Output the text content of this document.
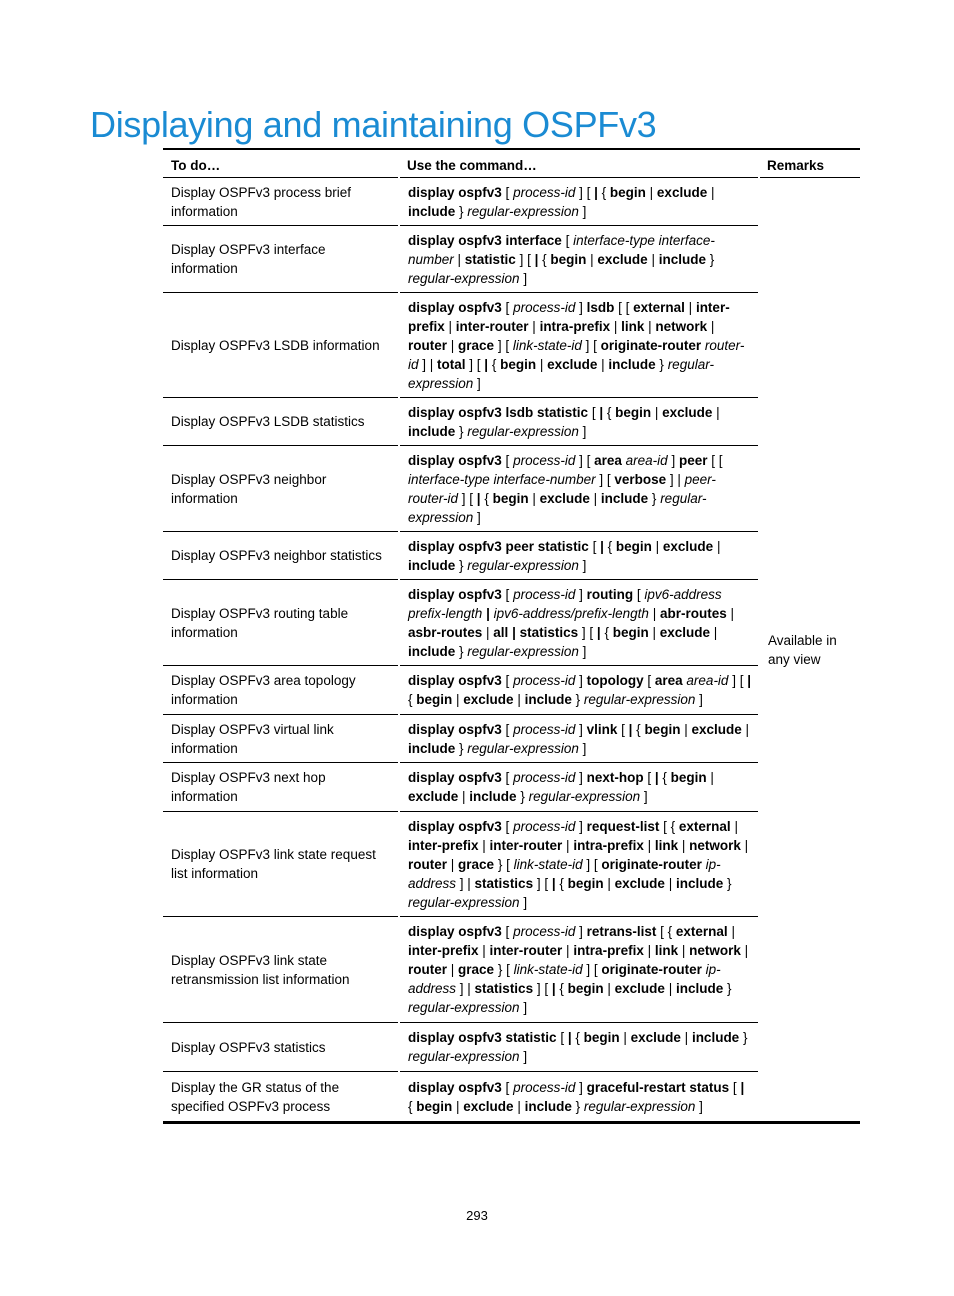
Displaying and maintaining OSPFv3
To do…	Use the command…	Remarks
Display OSPFv3 process brief information	display ospfv3 [ process-id ] [ | { begin | exclude | include } regular-expression ]	Available in any view
Display OSPFv3 interface information	display ospfv3 interface [ interface-type interface-number | statistic ] [ | { begin | exclude | include } regular-expression ]	
Display OSPFv3 LSDB information	display ospfv3 [ process-id ] lsdb [ [ external | inter-prefix | inter-router | intra-prefix | link | network | router | grace ] [ link-state-id ] [ originate-router router-id ] | total ] [ | { begin | exclude | include } regular-expression ]	
Display OSPFv3 LSDB statistics	display ospfv3 lsdb statistic [ | { begin | exclude | include } regular-expression ]	
Display OSPFv3 neighbor information	display ospfv3 [ process-id ] [ area area-id ] peer [ [ interface-type interface-number ] [ verbose ] | peer-router-id ] [ | { begin | exclude | include } regular-expression ]	
Display OSPFv3 neighbor statistics	display ospfv3 peer statistic [ | { begin | exclude | include } regular-expression ]	
Display OSPFv3 routing table information	display ospfv3 [ process-id ] routing [ ipv6-address prefix-length | ipv6-address/prefix-length | abr-routes | asbr-routes | all | statistics ] [ | { begin | exclude | include } regular-expression ]	
Display OSPFv3 area topology information	display ospfv3 [ process-id ] topology [ area area-id ] [ | { begin | exclude | include } regular-expression ]	
Display OSPFv3 virtual link information	display ospfv3 [ process-id ] vlink [ | { begin | exclude | include } regular-expression ]	
Display OSPFv3 next hop information	display ospfv3 [ process-id ] next-hop [ | { begin | exclude | include } regular-expression ]	
Display OSPFv3 link state request list information	display ospfv3 [ process-id ] request-list [ { external | inter-prefix | inter-router | intra-prefix | link | network | router | grace } [ link-state-id ] [ originate-router ip-address ] | statistics ] [ | { begin | exclude | include } regular-expression ]	
Display OSPFv3 link state retransmission list information	display ospfv3 [ process-id ] retrans-list [ { external | inter-prefix | inter-router | intra-prefix | link | network | router | grace } [ link-state-id ] [ originate-router ip-address ] | statistics ] [ | { begin | exclude | include } regular-expression ]	
Display OSPFv3 statistics	display ospfv3 statistic [ | { begin | exclude | include } regular-expression ]	
Display the GR status of the specified OSPFv3 process	display ospfv3 [ process-id ] graceful-restart status [ | { begin | exclude | include } regular-expression ]	
293
